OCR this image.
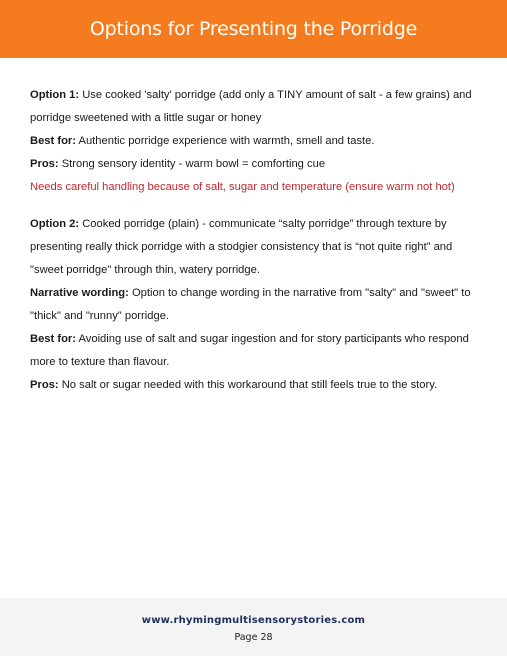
Options for Presenting the Porridge

Option 1: Use cooked 'salty' porridge (add only a TINY amount of salt - a few grains) and porridge sweetened with a little sugar or honey

Best for: Authentic porridge experience with warmth, smell and taste.

Pros: Strong sensory identity - warm bowl = comforting cue

Needs careful handling because of salt, sugar and temperature (ensure warm not hot)

Option 2: Cooked porridge (plain) - communicate “salty porridge” through texture by presenting really thick porridge with a stodgier consistency that is “not quite right” and "sweet porridge" through thin, watery porridge.

Narrative wording: Option to change wording in the narrative from "salty" and "sweet" to "thick" and "runny" porridge.

Best for: Avoiding use of salt and sugar ingestion and for story participants who respond more to texture than flavour.

Pros: No salt or sugar needed with this workaround that still feels true to the story.

www.rhymingmultisensorystories.com
Page 28
